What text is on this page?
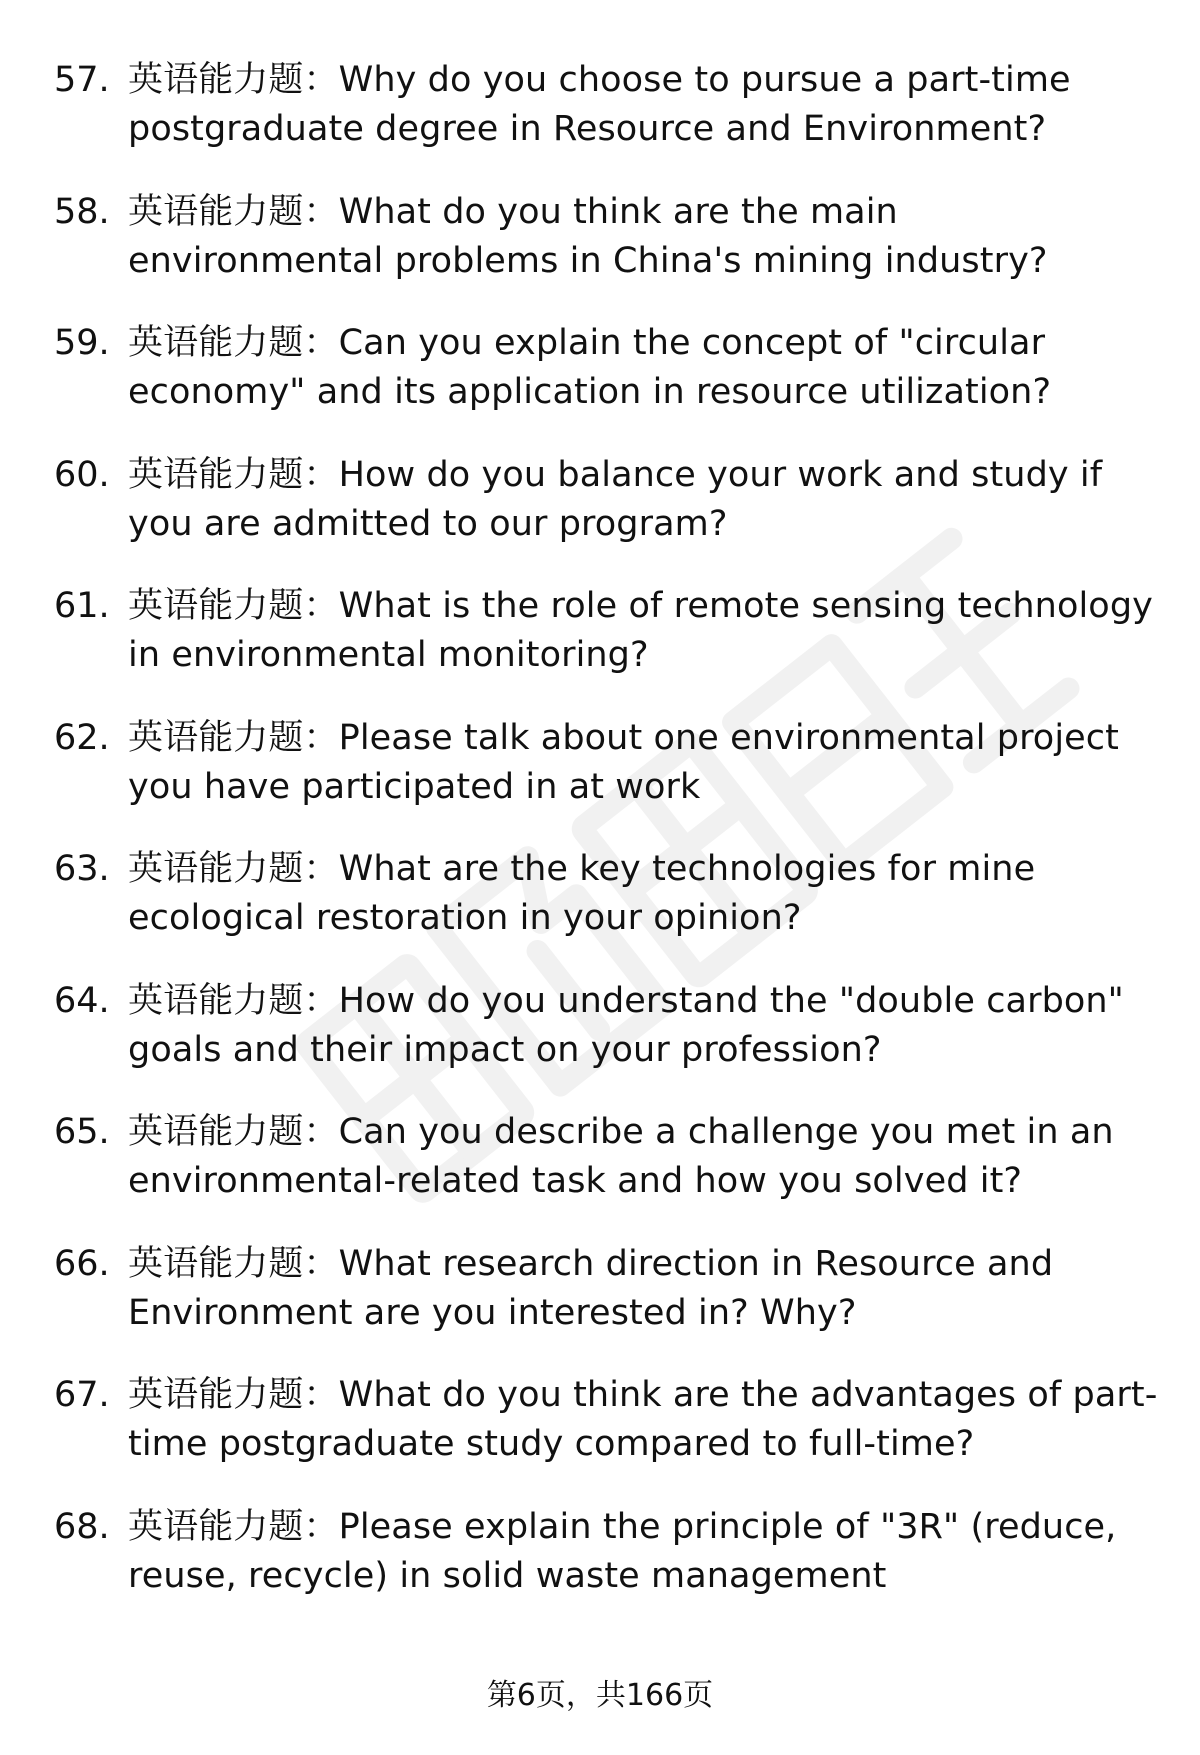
57. 英语能力题：Why do you choose to pursue a part-time postgraduate degree in Resource and Environment?
58. 英语能力题：What do you think are the main environmental problems in China's mining industry?
59. 英语能力题：Can you explain the concept of "circular economy" and its application in resource utilization?
60. 英语能力题：How do you balance your work and study if you are admitted to our program?
61. 英语能力题：What is the role of remote sensing technology in environmental monitoring?
62. 英语能力题：Please talk about one environmental project you have participated in at work
63. 英语能力题：What are the key technologies for mine ecological restoration in your opinion?
64. 英语能力题：How do you understand the "double carbon" goals and their impact on your profession?
65. 英语能力题：Can you describe a challenge you met in an environmental-related task and how you solved it?
66. 英语能力题：What research direction in Resource and Environment are you interested in? Why?
67. 英语能力题：What do you think are the advantages of part-time postgraduate study compared to full-time?
68. 英语能力题：Please explain the principle of "3R" (reduce, reuse, recycle) in solid waste management
第6页，共166页
